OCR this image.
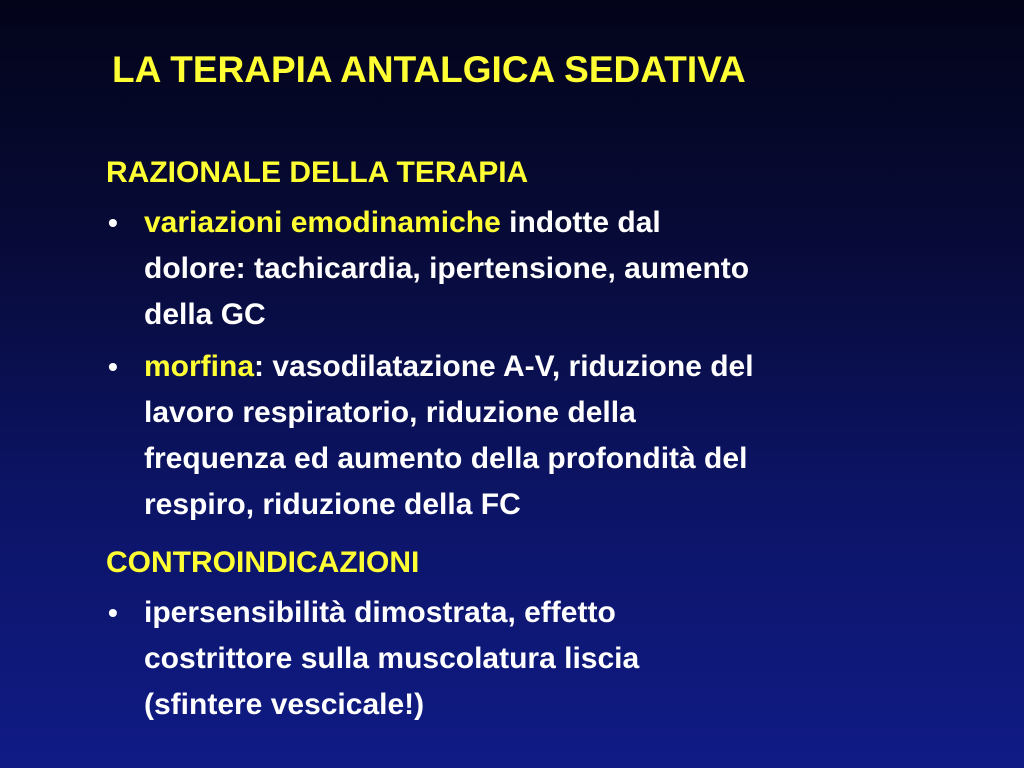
LA TERAPIA ANTALGICA SEDATIVA
RAZIONALE DELLA TERAPIA
• variazioni emodinamiche indotte dal
dolore: tachicardia, ipertensione, aumento
della GC
• morfina: vasodilatazione A-V, riduzione del
lavoro respiratorio, riduzione della
frequenza ed aumento della profondità del
respiro, riduzione della FC
CONTROINDICAZIONI
• ipersensibilità dimostrata, effetto
costrittore sulla muscolatura liscia
(sfintere vescicale!)
